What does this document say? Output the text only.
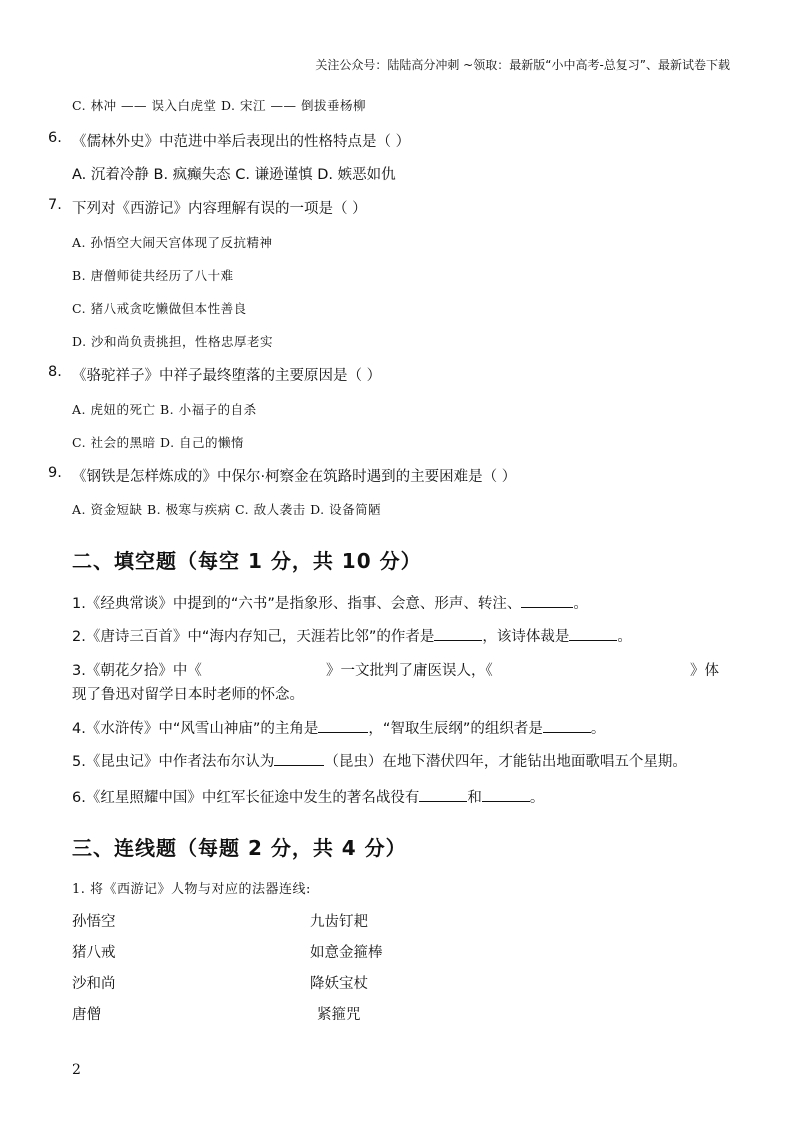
关注公众号：陆陆高分冲刺 ~领取：最新版“小中高考-总复习”、最新试卷下载
C. 林冲 —— 误入白虎堂 D. 宋江 —— 倒拔垂杨柳
6. 《儒林外史》中范进中举后表现出的性格特点是（ ）
A. 沉着冷静 B. 疯癫失态 C. 谦逊谨慎 D. 嫉恶如仇
7. 下列对《西游记》内容理解有误的一项是（ ）
A. 孙悟空大闹天宫体现了反抗精神
B. 唐僧师徒共经历了八十难
C. 猪八戒贪吃懒做但本性善良
D. 沙和尚负责挑担，性格忠厚老实
8. 《骆驼祥子》中祥子最终堕落的主要原因是（ ）
A. 虎妞的死亡 B. 小福子的自杀
C. 社会的黑暗 D. 自己的懒惰
9. 《钢铁是怎样炼成的》中保尔·柯察金在筑路时遇到的主要困难是（ ）
A. 资金短缺 B. 极寒与疾病 C. 敌人袭击 D. 设备简陋
二、填空题（每空 1 分，共 10 分）
1.《经典常谈》中提到的“六书”是指象形、指事、会意、形声、转注、	。
2.《唐诗三百首》中“海内存知己，天涯若比邻”的作者是	，该诗体裁是	。
3.《朝花夕拾》中《	》一文批判了庸医误人，《	》体
现了鲁迅对留学日本时老师的怀念。
4.《水浒传》中“风雪山神庙”的主角是	，“智取生辰纲”的组织者是	。
5.《昆虫记》中作者法布尔认为	（昆虫）在地下潜伏四年，才能钻出地面歌唱五个星期。
6.《红星照耀中国》中红军长征途中发生的著名战役有	和	。
三、连线题（每题 2 分，共 4 分）
1. 将《西游记》人物与对应的法器连线:
孙悟空	九齿钉耙
猪八戒	如意金箍棒
沙和尚	降妖宝杖
唐僧	紧箍咒
2
